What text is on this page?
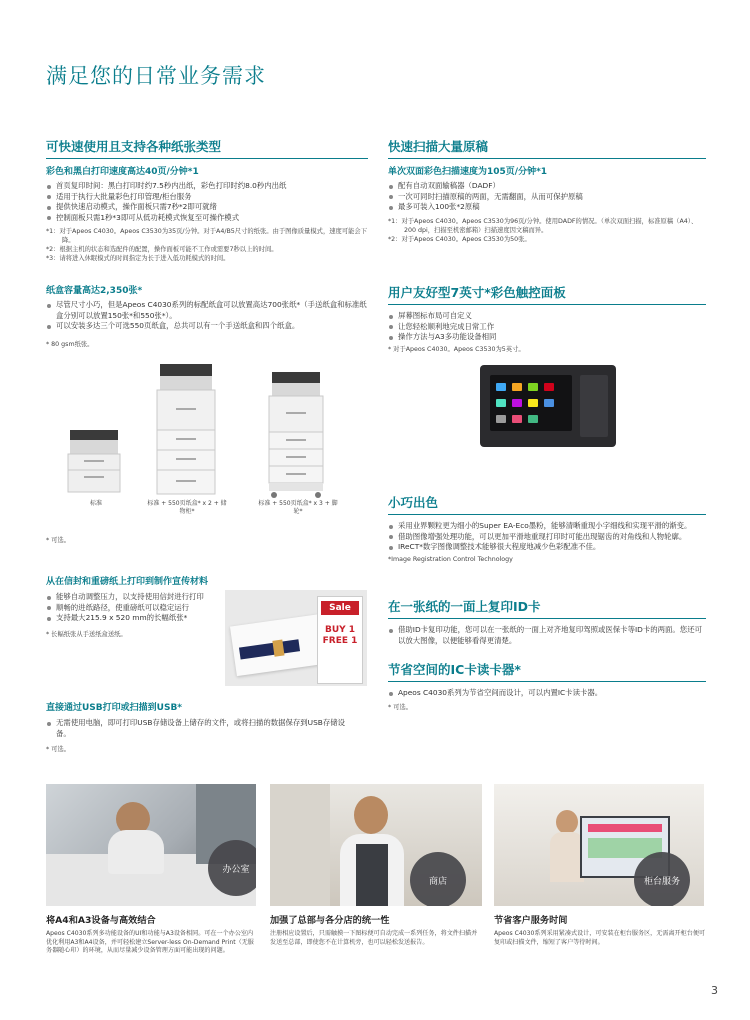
满足您的日常业务需求
可快速使用且支持各种纸张类型
彩色和黑白打印速度高达40页/分钟*1
首页复印时间：黑白打印时约7.5秒内出纸，彩色打印时约8.0秒内出纸
适用于执行大批量彩色打印管理/柜台服务
提供快速启动模式，操作面板只需7秒*2即可就绪
控制面板只需1秒*3即可从低功耗模式恢复至可操作模式
*1：对于Apeos C4030。Apeos C3530为35页/分钟。对于A4/B5尺寸的纸张。由于图像质量模式，速度可能会下降。
*2：根据主机的状态和选配件的配置，操作面板可能不工作或需要7秒以上的时间。
*3：请将进入休眠模式的时间指定为长于进入低功耗模式的时间。
纸盒容量高达2,350张*
尽管尺寸小巧，但是Apeos C4030系列的标配纸盒可以放置高达700张纸*（手送纸盒和标准纸盒分别可以放置150张*和550张*）。
可以安装多达三个可选550页纸盒，总共可以有一个手送纸盒和四个纸盒。
* 80 gsm纸张。
标准	标准 + 550页纸盒* x 2 + 储物柜*
标准 + 550页纸盒* x 3 + 脚轮*
* 可选。
从在信封和重磅纸上打印到制作宣传材料
能够自动调整压力，以支持使用信封进行打印
顺畅的进纸路径，使重磅纸可以稳定运行
支持最大215.9 x 520 mm的长幅纸张*
* 长幅纸张从手送纸盒送纸。
Sale
BUY 1 FREE 1
直接通过USB打印或扫描到USB*
无需使用电脑，即可打印USB存储设备上储存的文件，或将扫描的数据保存到USB存储设备。
* 可选。
快速扫描大量原稿
单次双面彩色扫描速度为105页/分钟*1
配有自动双面输稿器（DADF）
一次可同时扫描原稿的两面，无需翻面，从而可保护原稿
最多可装入100张*2原稿
*1：对于Apeos C4030。Apeos C3530为96页/分钟。使用DADF的情况。（单次双面扫描，标准原稿（A4）、200 dpi，扫描至机密邮箱）扫描速度因文稿而异。
*2：对于Apeos C4030。Apeos C3530为50张。
用户友好型7英寸*彩色触控面板
屏幕图标布局可自定义
让您轻松顺利地完成日常工作
操作方法与A3多功能设备相同
* 对于Apeos C4030。Apeos C3530为5英寸。
小巧出色
采用业界颗粒更为细小的Super EA-Eco墨粉，能够清晰重现小字细线和实现平滑的渐变。
借助图像增强处理功能，可以更加平滑地重现打印时可能出现锯齿的对角线和人物轮廓。
IReCT*数字图像调整技术能够很大程度地减少色彩配准不佳。
*Image Registration Control Technology
在一张纸的一面上复印ID卡
借助ID卡复印功能，您可以在一张纸的一面上对齐地复印驾照或医保卡等ID卡的两面。您还可以放大图像，以便能够看得更清楚。
节省空间的IC卡读卡器*
Apeos C4030系列为节省空间而设计，可以内置IC卡读卡器。
* 可选。
办公室
商店	柜台服务
将A4和A3设备与高效结合
Apeos C4030系列多功能设备的UI和功能与A3设备相同。可在一个办公室内优化利用A3和A4设备，并可轻松建立Server-less On-Demand Print（无服务器随心印）的环境，从而尽量减少设备管理方面可能出现的问题。
加强了总部与各分店的统一性
注册相应设置后，只需触摸一下图标便可自动完成一系列任务，将文件扫描并发送至总部，即使您不在计算机旁，也可以轻松发送报告。
节省客户服务时间
Apeos C4030系列采用紧凑式设计，可安装在柜台服务区，无需离开柜台便可复印或扫描文件，缩短了客户等待时间。
3
